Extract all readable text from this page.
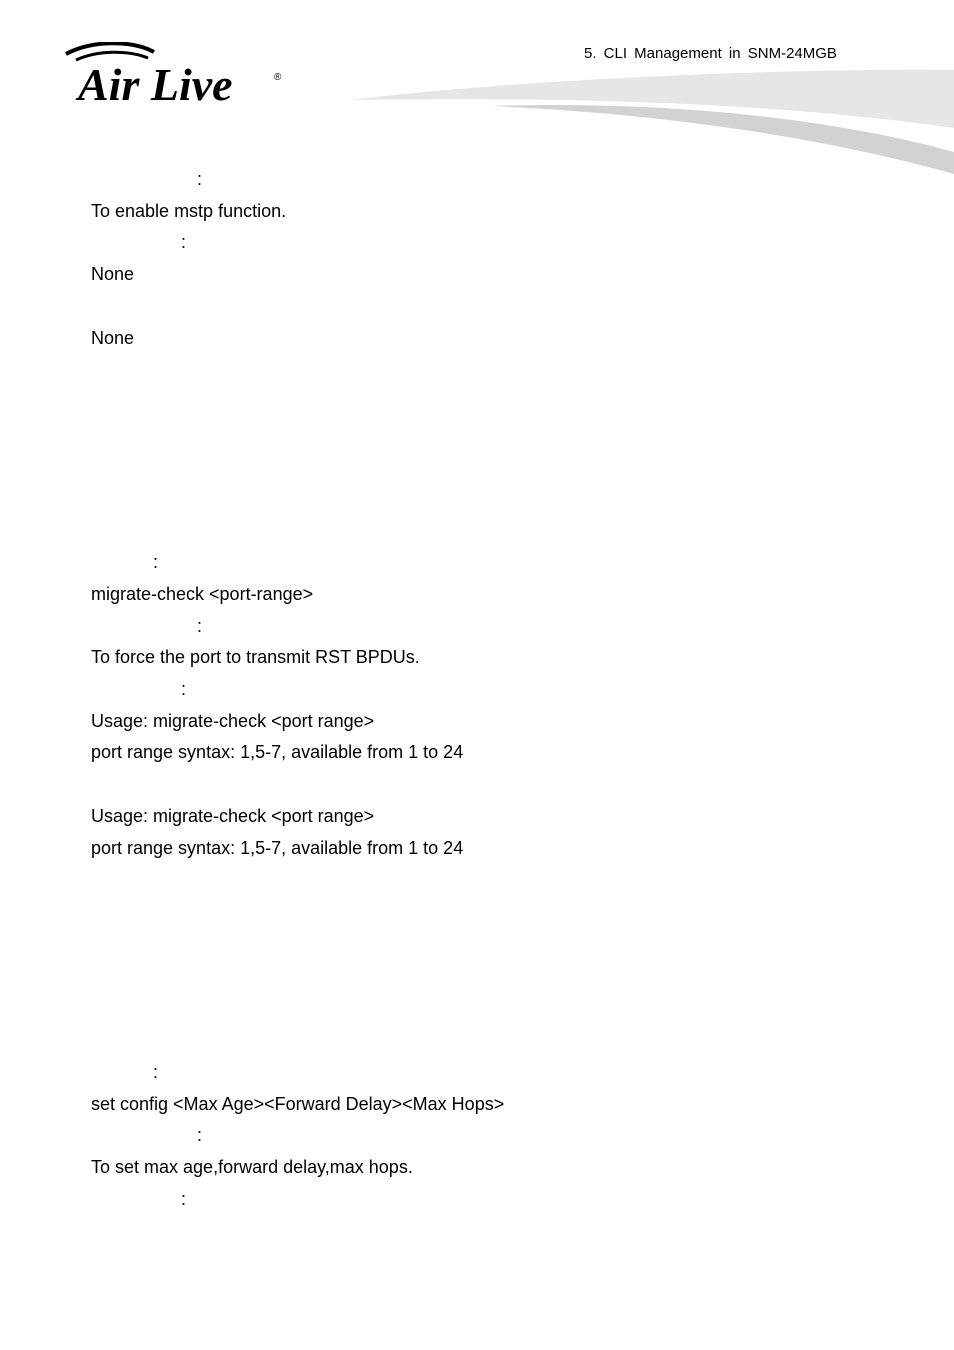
Air Live	®
5. CLI Management in SNM-24MGB
:
To enable mstp function.
:
None
None
:
migrate-check <port-range>
:
To force the port to transmit RST BPDUs.
:
Usage: migrate-check <port range>
port range syntax: 1,5-7, available from 1 to 24
Usage: migrate-check <port range>
port range syntax: 1,5-7, available from 1 to 24
:
set config <Max Age><Forward Delay><Max Hops>
:
To set max age,forward delay,max hops.
:
